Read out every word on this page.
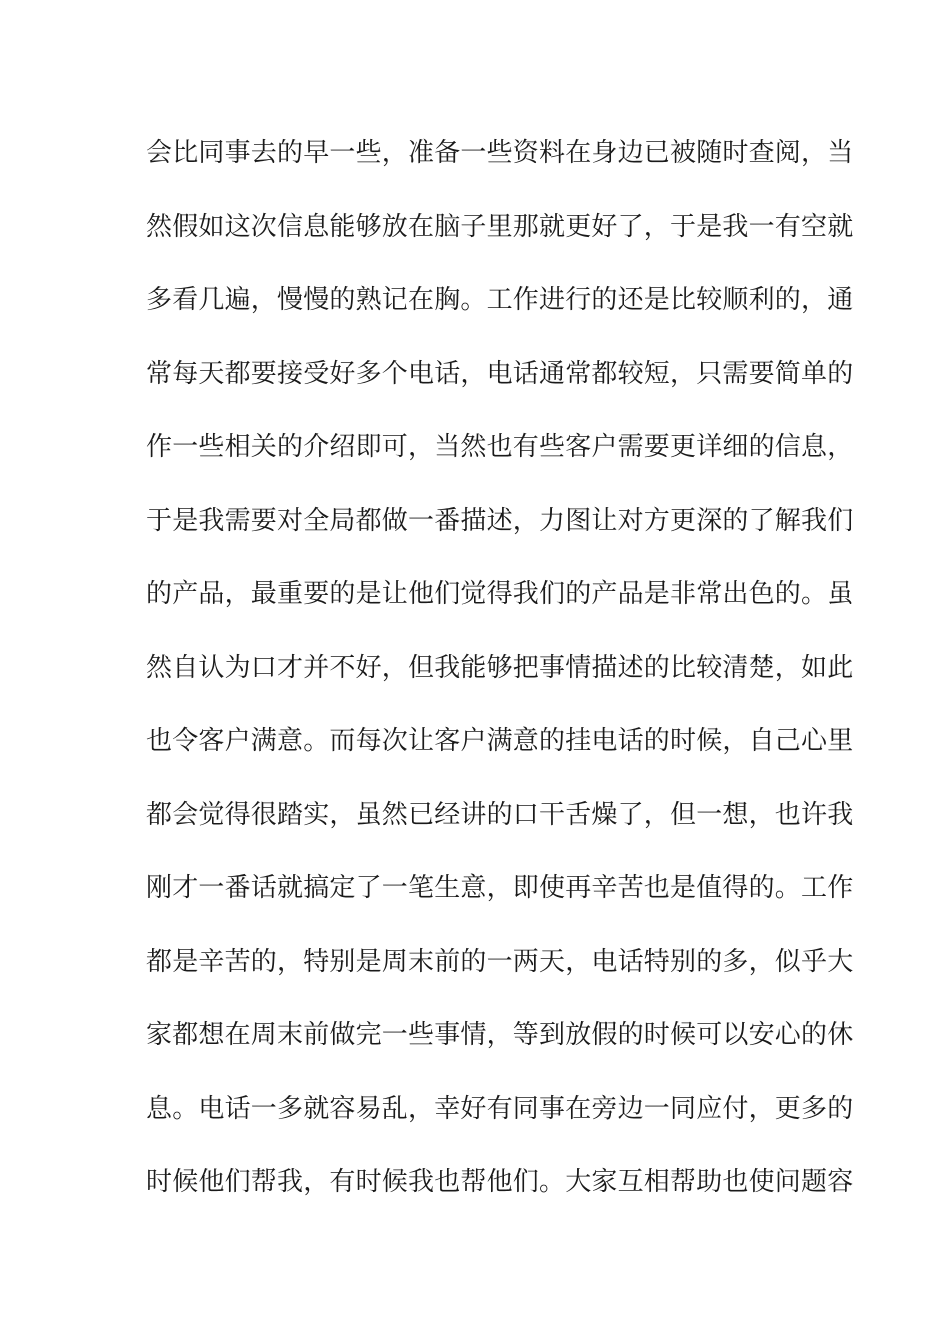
会比同事去的早一些，准备一些资料在身边已被随时查阅，当
然假如这次信息能够放在脑子里那就更好了，于是我一有空就
多看几遍，慢慢的熟记在胸。工作进行的还是比较顺利的，通
常每天都要接受好多个电话，电话通常都较短，只需要简单的
作一些相关的介绍即可，当然也有些客户需要更详细的信息，
于是我需要对全局都做一番描述，力图让对方更深的了解我们
的产品，最重要的是让他们觉得我们的产品是非常出色的。虽
然自认为口才并不好，但我能够把事情描述的比较清楚，如此
也令客户满意。而每次让客户满意的挂电话的时候，自己心里
都会觉得很踏实，虽然已经讲的口干舌燥了，但一想，也许我
刚才一番话就搞定了一笔生意，即使再辛苦也是值得的。工作
都是辛苦的，特别是周末前的一两天，电话特别的多，似乎大
家都想在周末前做完一些事情，等到放假的时候可以安心的休
息。电话一多就容易乱，幸好有同事在旁边一同应付，更多的
时候他们帮我，有时候我也帮他们。大家互相帮助也使问题容
